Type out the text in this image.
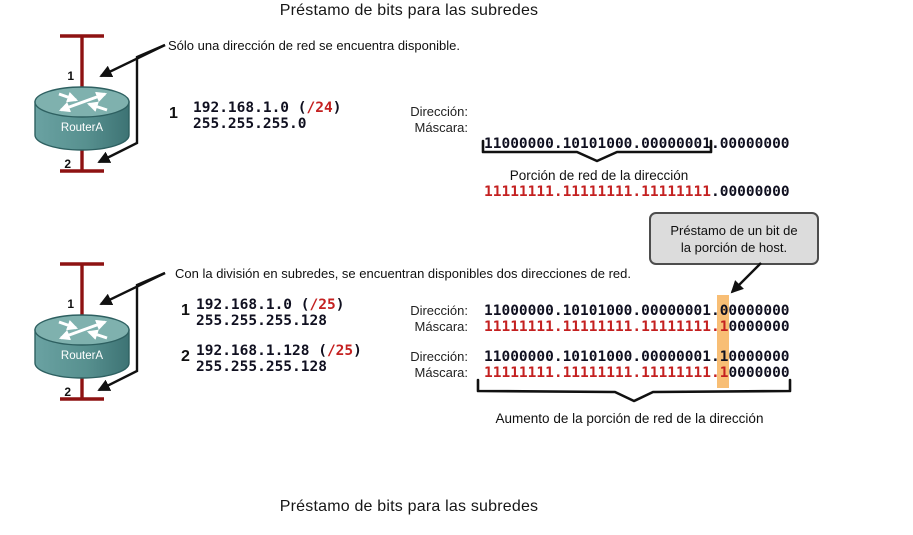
Préstamo de bits para las subredes
1
2
RouterA
Sólo una dirección de red se encuentra disponible.
1 192.168.1.0 (/24)
255.255.255.0
Dirección:
Máscara:

11000000.10101000.00000001.00000000

11111111.11111111.11111111.00000000

Porción de red de la dirección
Préstamo de un bit de
la porción de host.
1
2
RouterA
Con la división en subredes, se encuentran disponibles dos direcciones de red.
1 192.168.1.0 (/25)
255.255.255.128
2 192.168.1.128 (/25)
255.255.255.128
Dirección:
Máscara:
Dirección:
Máscara:
11000000.10101000.00000001.00000000
11111111.11111111.11111111.10000000
11000000.10101000.00000001.10000000
11111111.11111111.11111111.10000000
Aumento de la porción de red de la dirección
Préstamo de bits para las subredes
